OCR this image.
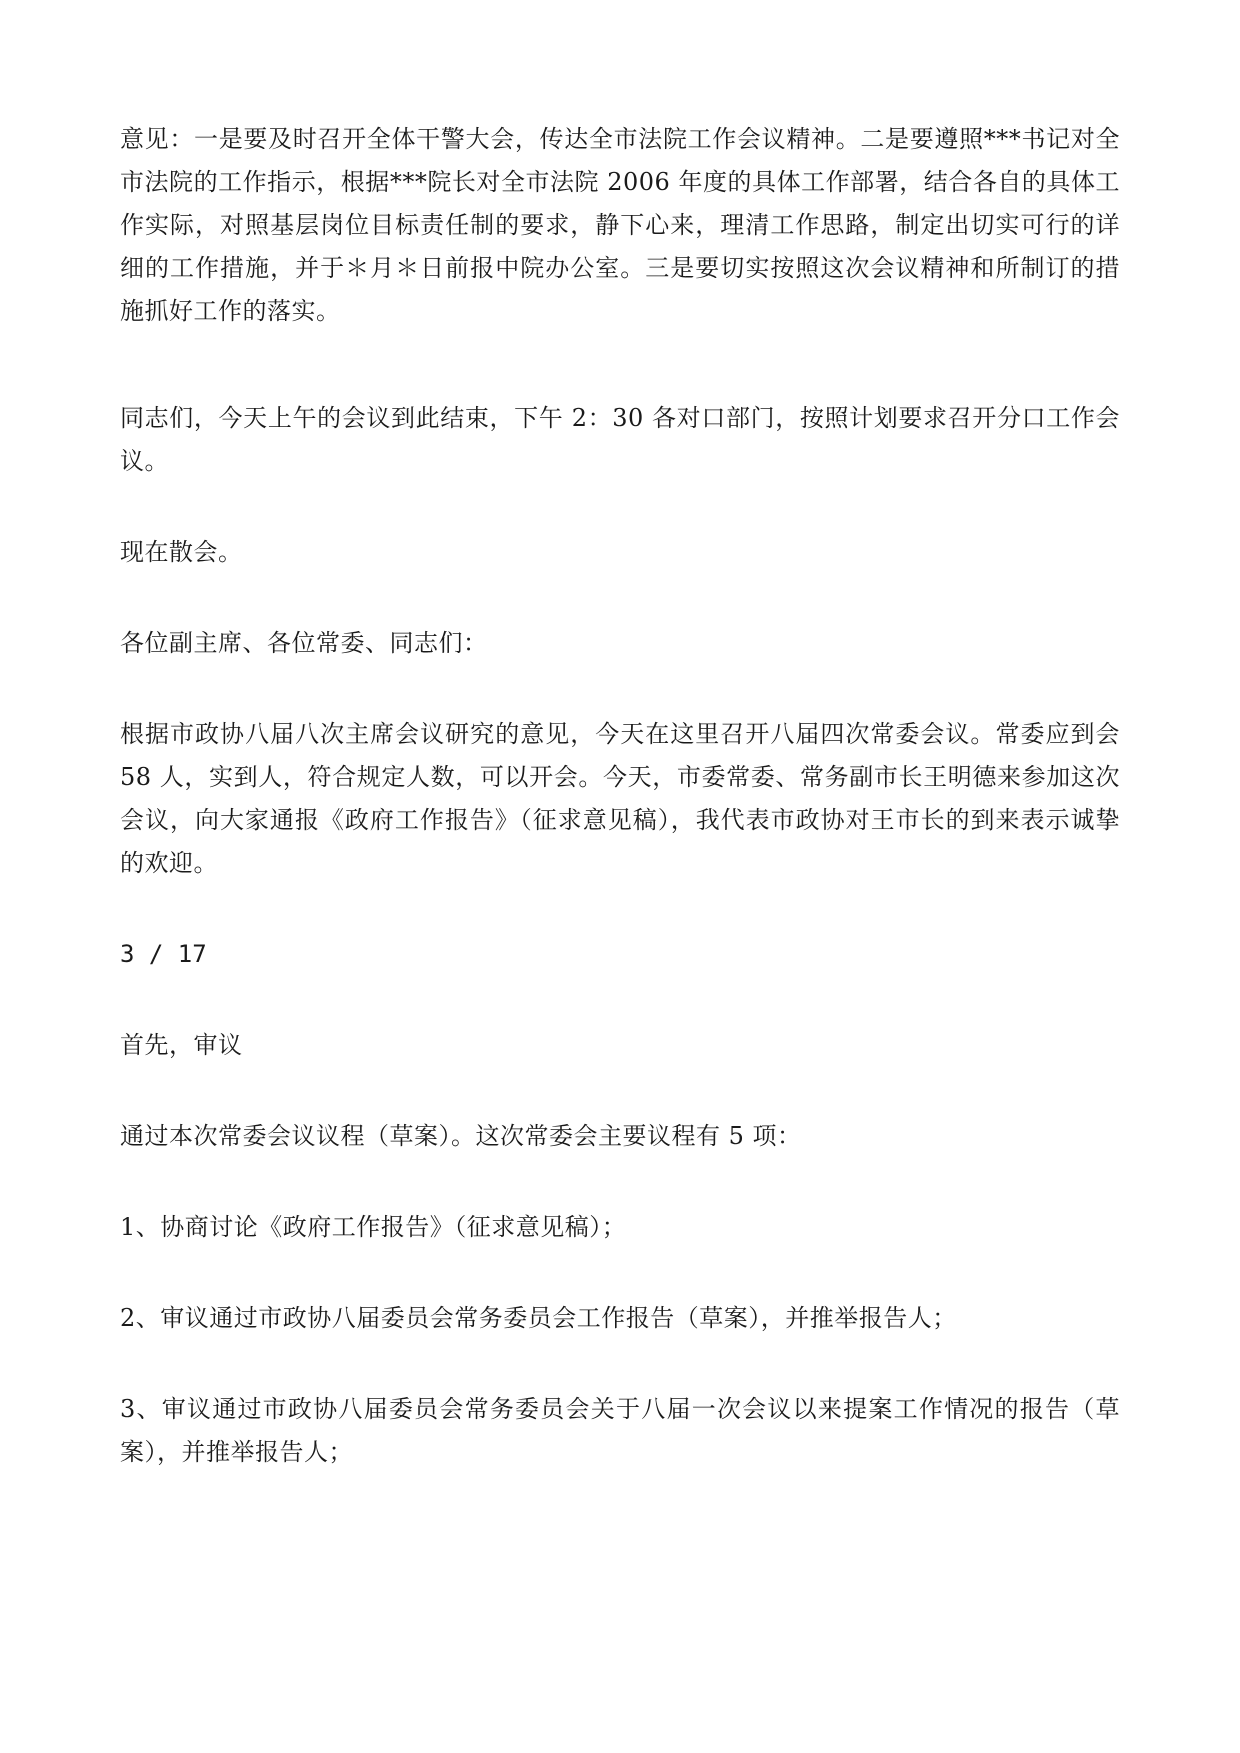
意见：一是要及时召开全体干警大会，传达全市法院工作会议精神。二是要遵照***书记对全市法院的工作指示，根据***院长对全市法院 2006 年度的具体工作部署，结合各自的具体工作实际，对照基层岗位目标责任制的要求，静下心来，理清工作思路，制定出切实可行的详细的工作措施，并于＊月＊日前报中院办公室。三是要切实按照这次会议精神和所制订的措施抓好工作的落实。

同志们，今天上午的会议到此结束，下午 2：30 各对口部门，按照计划要求召开分口工作会议。

现在散会。

各位副主席、各位常委、同志们：

根据市政协八届八次主席会议研究的意见，今天在这里召开八届四次常委会议。常委应到会 58 人，实到人，符合规定人数，可以开会。今天，市委常委、常务副市长王明德来参加这次会议，向大家通报《政府工作报告》（征求意见稿），我代表市政协对王市长的到来表示诚挚的欢迎。

3 / 17

首先，审议

通过本次常委会议议程（草案）。这次常委会主要议程有 5 项：

1、协商讨论《政府工作报告》（征求意见稿）；

2、审议通过市政协八届委员会常务委员会工作报告（草案），并推举报告人；

3、审议通过市政协八届委员会常务委员会关于八届一次会议以来提案工作情况的报告（草案），并推举报告人；
